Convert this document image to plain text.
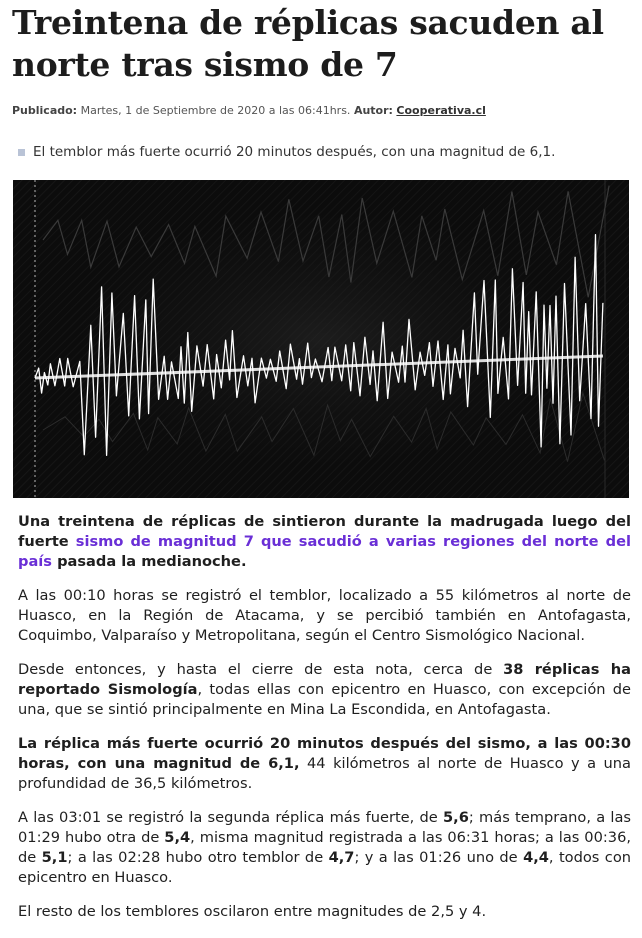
Treintena de réplicas sacuden al norte tras sismo de 7
Publicado: Martes, 1 de Septiembre de 2020 a las 06:41hrs. Autor: Cooperativa.cl
El temblor más fuerte ocurrió 20 minutos después, con una magnitud de 6,1.

Una treintena de réplicas de sintieron durante la madrugada luego del fuerte sismo de magnitud 7 que sacudió a varias regiones del norte del país pasada la medianoche.

A las 00:10 horas se registró el temblor, localizado a 55 kilómetros al norte de Huasco, en la Región de Atacama, y se percibió también en Antofagasta, Coquimbo, Valparaíso y Metropolitana, según el Centro Sismológico Nacional.

Desde entonces, y hasta el cierre de esta nota, cerca de 38 réplicas ha reportado Sismología, todas ellas con epicentro en Huasco, con excepción de una, que se sintió principalmente en Mina La Escondida, en Antofagasta.

La réplica más fuerte ocurrió 20 minutos después del sismo, a las 00:30 horas, con una magnitud de 6,1, 44 kilómetros al norte de Huasco y a una profundidad de 36,5 kilómetros.

A las 03:01 se registró la segunda réplica más fuerte, de 5,6; más temprano, a las 01:29 hubo otra de 5,4, misma magnitud registrada a las 06:31 horas; a las 00:36, de 5,1; a las 02:28 hubo otro temblor de 4,7; y a las 01:26 uno de 4,4, todos con epicentro en Huasco.

El resto de los temblores oscilaron entre magnitudes de 2,5 y 4.
